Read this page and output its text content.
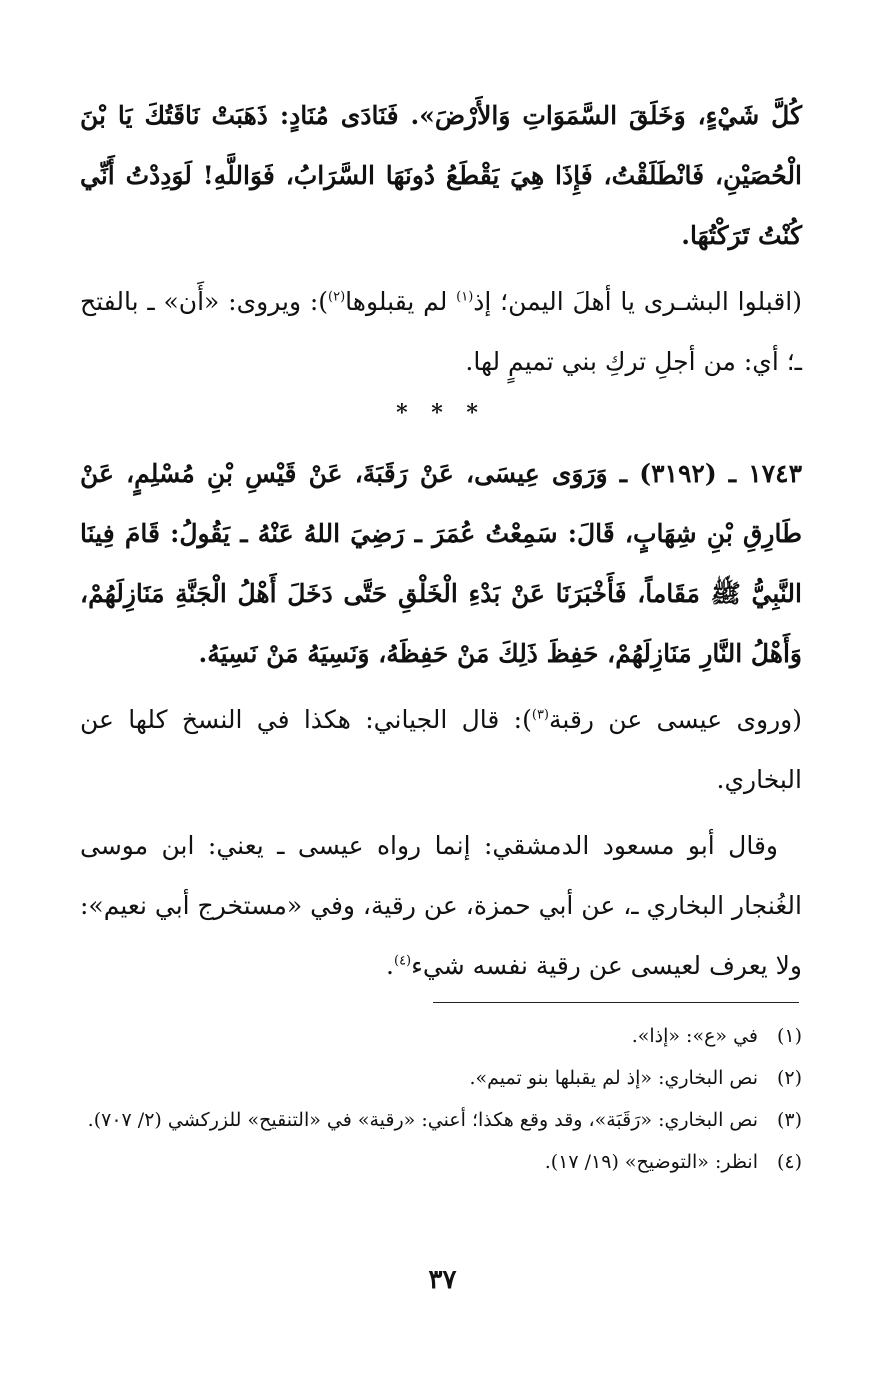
كُلَّ شَيْءٍ، وَخَلَقَ السَّمَوَاتِ وَالأَرْضَ». فَنَادَى مُنَادٍ: ذَهَبَتْ نَاقَتُكَ يَا بْنَ الْحُصَيْنِ، فَانْطَلَقْتُ، فَإِذَا هِيَ يَقْطَعُ دُونَهَا السَّرَابُ، فَوَاللَّهِ! لَوَدِدْتُ أَنِّي كُنْتُ تَرَكْتُهَا.

(اقبلوا البشـرى يا أهلَ اليمن؛ إذ$^{(١)}$ لم يقبلوها$^{(٢)}$): ويروى: «أَن» ـ بالفتح ـ؛ أي: من أجلِ تركِ بني تميمٍ لها.

* * *

١٧٤٣ ـ (٣١٩٢) ـ وَرَوَى عِيسَى، عَنْ رَقَبَةَ، عَنْ قَيْسِ بْنِ مُسْلِمٍ، عَنْ طَارِقِ بْنِ شِهَابٍ، قَالَ: سَمِعْتُ عُمَرَ ـ رَضِيَ اللهُ عَنْهُ ـ يَقُولُ: قَامَ فِينَا النَّبِيُّ ﷺ مَقَاماً، فَأَخْبَرَنَا عَنْ بَدْءِ الْخَلْقِ حَتَّى دَخَلَ أَهْلُ الْجَنَّةِ مَنَازِلَهُمْ، وَأَهْلُ النَّارِ مَنَازِلَهُمْ، حَفِظَ ذَلِكَ مَنْ حَفِظَهُ، وَنَسِيَهُ مَنْ نَسِيَهُ.

(وروى عيسى عن رقبة$^{(٣)}$): قال الجياني: هكذا في النسخ كلها عن البخاري.

وقال أبو مسعود الدمشقي: إنما رواه عيسى ـ يعني: ابن موسى الغُنجار البخاري ـ، عن أبي حمزة، عن رقية، وفي «مستخرج أبي نعيم»: ولا يعرف لعيسى عن رقية نفسه شيء$^{(٤)}$.

(١)
في «ع»: «إذا».
(٢)
نص البخاري: «إذ لم يقبلها بنو تميم».
(٣)
نص البخاري: «رَقَبَة»، وقد وقع هكذا؛ أعني: «رقية» في «التنقيح» للزركشي (٢/ ٧٠٧).
(٤)
انظر: «التوضيح» (١٩/ ١٧).
٣٧
